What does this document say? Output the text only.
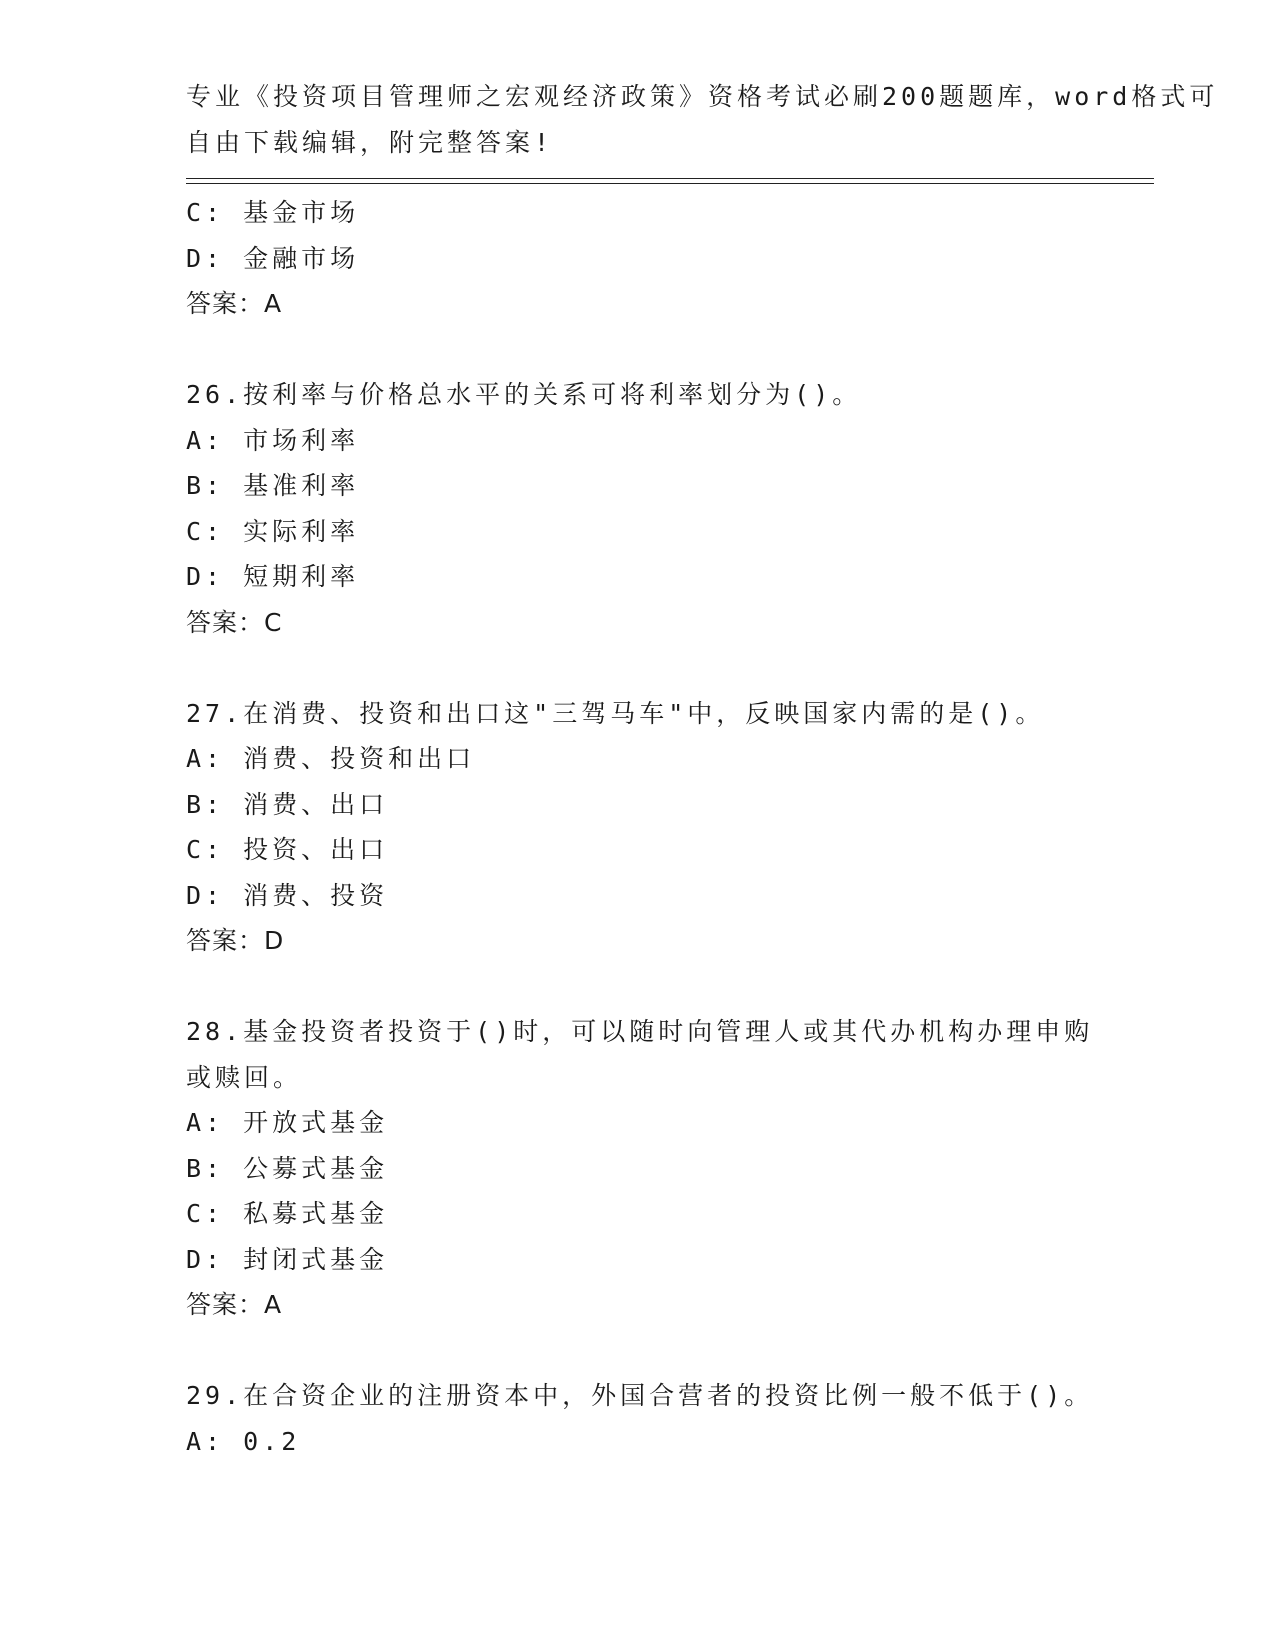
专业《投资项目管理师之宏观经济政策》资格考试必刷200题题库，word格式可
自由下载编辑，附完整答案!
C: 基金市场
D: 金融市场
答案：A
26.按利率与价格总水平的关系可将利率划分为()。
A: 市场利率
B: 基准利率
C: 实际利率
D: 短期利率
答案：C
27.在消费、投资和出口这"三驾马车"中，反映国家内需的是()。
A: 消费、投资和出口
B: 消费、出口
C: 投资、出口
D: 消费、投资
答案：D
28.基金投资者投资于()时，可以随时向管理人或其代办机构办理申购
或赎回。
A: 开放式基金
B: 公募式基金
C: 私募式基金
D: 封闭式基金
答案：A
29.在合资企业的注册资本中，外国合营者的投资比例一般不低于()。
A: 0.2
